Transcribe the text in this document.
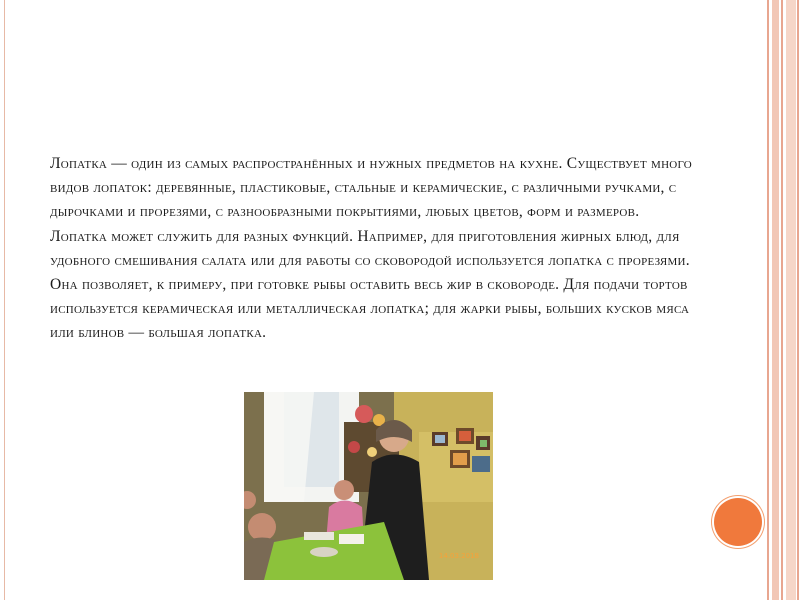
Лопатка — один из самых распространённых и нужных предметов на кухне. Существует много видов лопаток: деревянные, пластиковые, стальные и керамические, с различными ручками, с дырочками и прорезями, с разнообразными покрытиями, любых цветов, форм и размеров.

Лопатка может служить для разных функций. Например, для приготовления жирных блюд, для удобного смешивания салата или для работы со сковородой используется лопатка с прорезями. Она позволяет, к примеру, при готовке рыбы оставить весь жир в сковороде. Для подачи тортов используется керамическая или металлическая лопатка; для жарки рыбы, больших кусков мяса или блинов — большая лопатка.

14.03.2018
